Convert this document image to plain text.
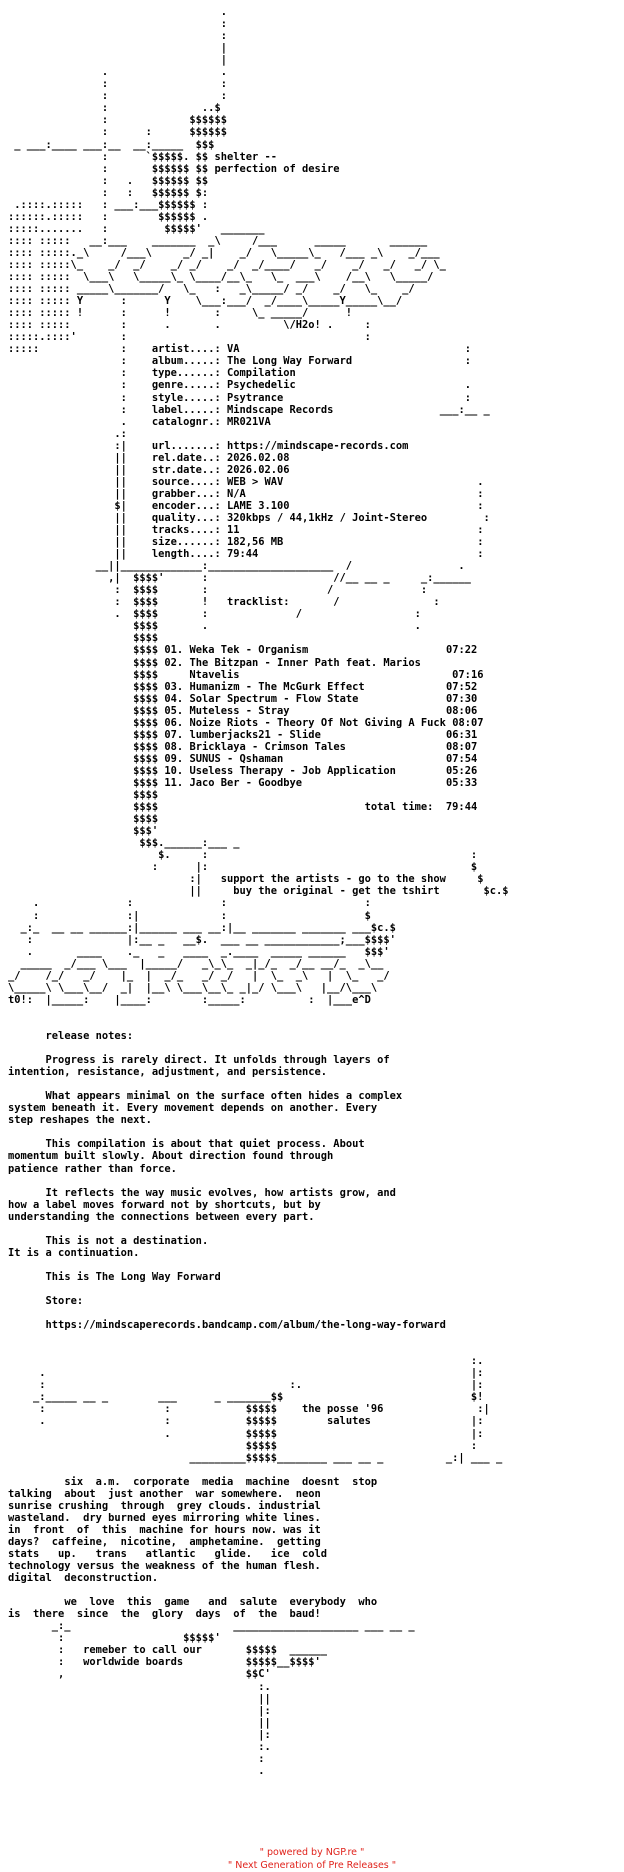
.
:
:
|
|
.                  .
:                  :
:                  :
:               ..$
:             $$$$$$
:      :      $$$$$$
_ ___:____ ___:__  __:_____  $$$
:      `$$$$$. $$ shelter --
:       $$$$$$ $$ perfection of desire
:   .   $$$$$$ $$
:   :   $$$$$$ $:
.::::.:::::   : ___:___$$$$$$ :
::::::.:::::   :        $$$$$$ .
:::::.......   :         $$$$$'   _______
:::: :::::   __:___    _______  _\     /___      _____       ______
:::: :::::._\     /___\     _/ _|    _/   \_____\_   /___ _\    _/___
:::: :::::\_    _/  _/    _/ _/    _/  _/____/   _/    _/   _/   _/ \_
:::: :::::  \___\   \_____\_ \____/__\_   \_  ___\    /__\   \_____/
:::: ::::: _____\_______/   \_   :   _\_____/ _/    _/   \_    _/
:::: ::::: Y      :      Y    \___:___/  _/____\_____Y_____\__/
:::: ::::: !      :      !       :     \_ _____/      !
:::: :::::        :      .       .          \/H2o! .     :
:::::.::::'       :                                      :
:::::             :    artist....: VA	:
:    album.....: The Long Way Forward	:
:    type......: Compilation
:    genre.....: Psychedelic	.
:    style.....: Psytrance	:
:    label.....: Mindscape Records	___:__ _
.    catalognr.: MR021VA
.:
:|    url.......: https://mindscape-records.com
||    rel.date..: 2026.02.08
||    str.date..: 2026.02.06
||    source....: WEB > WAV	.
||    grabber...: N/A	:
$|    encoder...: LAME 3.100	:
||    quality...: 320kbps / 44,1kHz / Joint-Stereo	:
||    tracks....: 11	:
||    size......: 182,56 MB	:
||    length....: 79:44	:
__||_____________:____________________  /                 .
,|  $$$$'      :                    //__ __ _     _:______
:  $$$$       :                   /              :
:  $$$$       !   tracklist:	/               :
.  $$$$       :              /                  :
$$$$       .                                 .
$$$$
$$$$ 01. Weka Tek - Organism	07:22
$$$$ 02. The Bitzpan - Inner Path feat. Marios
$$$$	Ntavelis	07:16
$$$$ 03. Humanizm - The McGurk Effect	07:52
$$$$ 04. Solar Spectrum - Flow State	07:30
$$$$ 05. Muteless - Stray	08:06
$$$$ 06. Noize Riots - Theory Of Not Giving A Fuck 08:07
$$$$ 07. lumberjacks21 - Slide	06:31
$$$$ 08. Bricklaya - Crimson Tales	08:07
$$$$ 09. SUNUS - Qshaman	07:54
$$$$ 10. Useless Therapy - Job Application	05:26
$$$$ 11. Jaco Ber - Goodbye	05:33
$$$$
$$$$	total time: 79:44
$$$$
$$$'
$$$.______:___ _
$.     :                                          :
:      |:                                          $
:|   support the artists - go to the show	$
||	buy the original - get the tshirt	$c.$
.              :              :                      :
:              :|             :                      $
_:_  __ __ ______:|______ ___ __:|__ _______ _______ ___$c.$
:               |:__ _   __$.  ___ __ ____________;___$$$$'
.       ____    ._   _   ____  _.____  _____ ______   $$$'
_____  _/___ \___  |_____/   _\_\_  _|_/_  _/__ __/_  _\__
_/    /_/   _/    |_  |  _/_   _/ _/   |  \_  _\   |  \_   _/
\_____\ \___\__/  _|  |__\ \___\__\_ _|_/ \___\   |__/\___\
t0!:  |_____:    |____:        :_____:          :  |___e^D

release notes:

Progress is rarely direct. It unfolds through layers of
intention, resistance, adjustment, and persistence.

What appears minimal on the surface often hides a complex
system beneath it. Every movement depends on another. Every
step reshapes the next.

This compilation is about that quiet process. About
momentum built slowly. About direction found through
patience rather than force.

It reflects the way music evolves, how artists grow, and
how a label moves forward not by shortcuts, but by
understanding the connections between every part.

This is not a destination.
It is a continuation.

This is The Long Way Forward

Store:

https://mindscaperecords.bandcamp.com/album/the-long-way-forward

:.
.                                                                    |:
:                                       :.                           |:
_:_____ __ _        ___      _ _______$$                              $!
:                   :            $$$$$    the posse '96	:|
.                   :            $$$$$	salutes	|:
.            $$$$$                               |:
$$$$$                               :
_________$$$$$________ ___ __ _          _:| ___ _

six  a.m.  corporate  media  machine  doesnt  stop
talking  about  just another  war somewhere.  neon
sunrise crushing  through  grey clouds. industrial
wasteland.  dry burned eyes mirroring white lines.
in  front  of  this  machine for hours now. was it
days?  caffeine,  nicotine,  amphetamine.  getting
stats   up.   trans   atlantic   glide.   ice  cold
technology versus the weakness of the human flesh.
digital  deconstruction.

we  love  this  game   and  salute  everybody  who
is  there  since  the  glory  days  of  the  baud!
_:_                          ____________________ ___ __ _
:                   $$$$$'
:   remeber to call our	$$$$$  ______
:   worldwide boards	$$$$$__$$$$'
,                             $$C'
:.
||
|:
||
|:
:.
:
.
" powered by NGP.re "
" Next Generation of Pre Releases "
